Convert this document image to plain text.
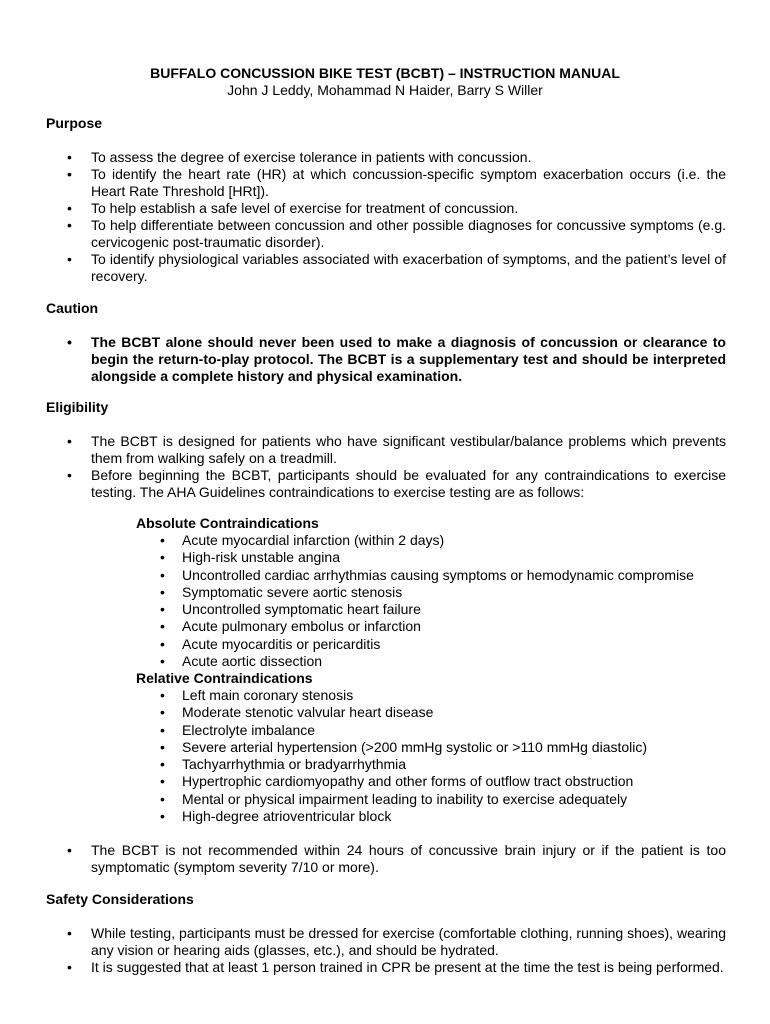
BUFFALO CONCUSSION BIKE TEST (BCBT) – INSTRUCTION MANUAL
John J Leddy, Mohammad N Haider, Barry S Willer
Purpose
• To assess the degree of exercise tolerance in patients with concussion.
• To identify the heart rate (HR) at which concussion-specific symptom exacerbation occurs (i.e. the Heart Rate Threshold [HRt]).
• To help establish a safe level of exercise for treatment of concussion.
• To help differentiate between concussion and other possible diagnoses for concussive symptoms (e.g. cervicogenic post-traumatic disorder).
• To identify physiological variables associated with exacerbation of symptoms, and the patient’s level of recovery.
Caution
• The BCBT alone should never been used to make a diagnosis of concussion or clearance to begin the return-to-play protocol. The BCBT is a supplementary test and should be interpreted alongside a complete history and physical examination.
Eligibility
• The BCBT is designed for patients who have significant vestibular/balance problems which prevents them from walking safely on a treadmill.
• Before beginning the BCBT, participants should be evaluated for any contraindications to exercise testing. The AHA Guidelines contraindications to exercise testing are as follows:
Absolute Contraindications
• Acute myocardial infarction (within 2 days)
• High-risk unstable angina
• Uncontrolled cardiac arrhythmias causing symptoms or hemodynamic compromise
• Symptomatic severe aortic stenosis
• Uncontrolled symptomatic heart failure
• Acute pulmonary embolus or infarction
• Acute myocarditis or pericarditis
• Acute aortic dissection
Relative Contraindications
• Left main coronary stenosis
• Moderate stenotic valvular heart disease
• Electrolyte imbalance
• Severe arterial hypertension (>200 mmHg systolic or >110 mmHg diastolic)
• Tachyarrhythmia or bradyarrhythmia
• Hypertrophic cardiomyopathy and other forms of outflow tract obstruction
• Mental or physical impairment leading to inability to exercise adequately
• High-degree atrioventricular block
• The BCBT is not recommended within 24 hours of concussive brain injury or if the patient is too symptomatic (symptom severity 7/10 or more).
Safety Considerations
• While testing, participants must be dressed for exercise (comfortable clothing, running shoes), wearing any vision or hearing aids (glasses, etc.), and should be hydrated.
• It is suggested that at least 1 person trained in CPR be present at the time the test is being performed.
